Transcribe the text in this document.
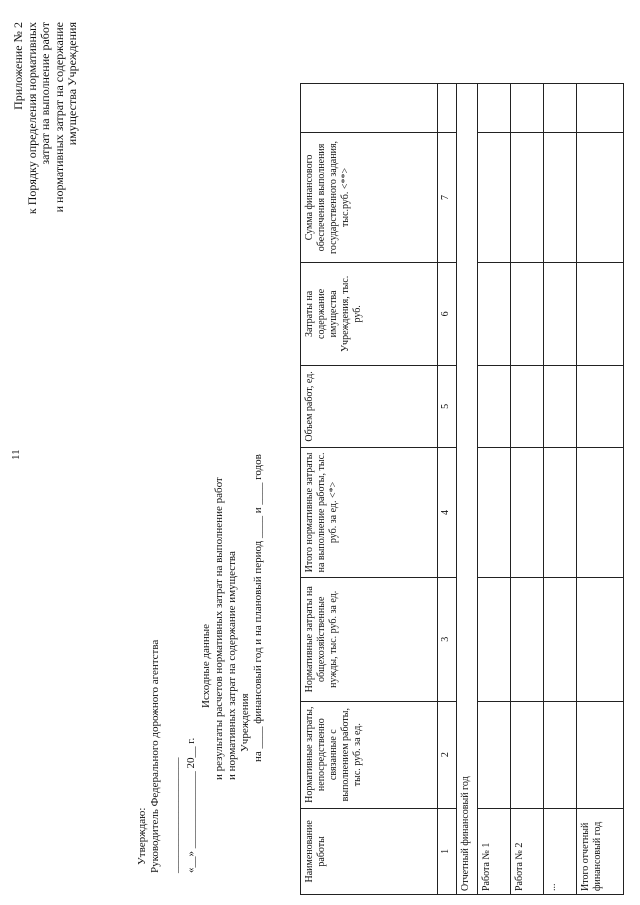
11
Приложение № 2 к Порядку определения нормативных затрат на выполнение работ и нормативных затрат на содержание имущества Учреждения
Утверждаю: Руководитель Федерального дорожного агентства _____________________ «__» ______________ 20__ г.
Исходные данные и результаты расчетов нормативных затрат на выполнение работ и нормативных затрат на содержание имущества Учреждения на ____ финансовый год и на плановый период ____ и ____ годов
Наименование работы	Нормативные затраты, непосредственно связанные с выполнением работы, тыс. руб. за ед.	Нормативные затраты на общехозяйственные нужды, тыс. руб. за ед.	Итого нормативные затраты на выполнение работы, тыс. руб. за ед. <*>	Объем работ, ед.	Затраты на содержание имущества Учреждения, тыс. руб.	Сумма финансового обеспечения выполнения государственного задания, тыс.руб. <**>	
1	2	3	4	5	6	7	
Отчетный финансовый год							
Работа № 1							
Работа № 2							
...							
Итого отчетный финансовый год							
